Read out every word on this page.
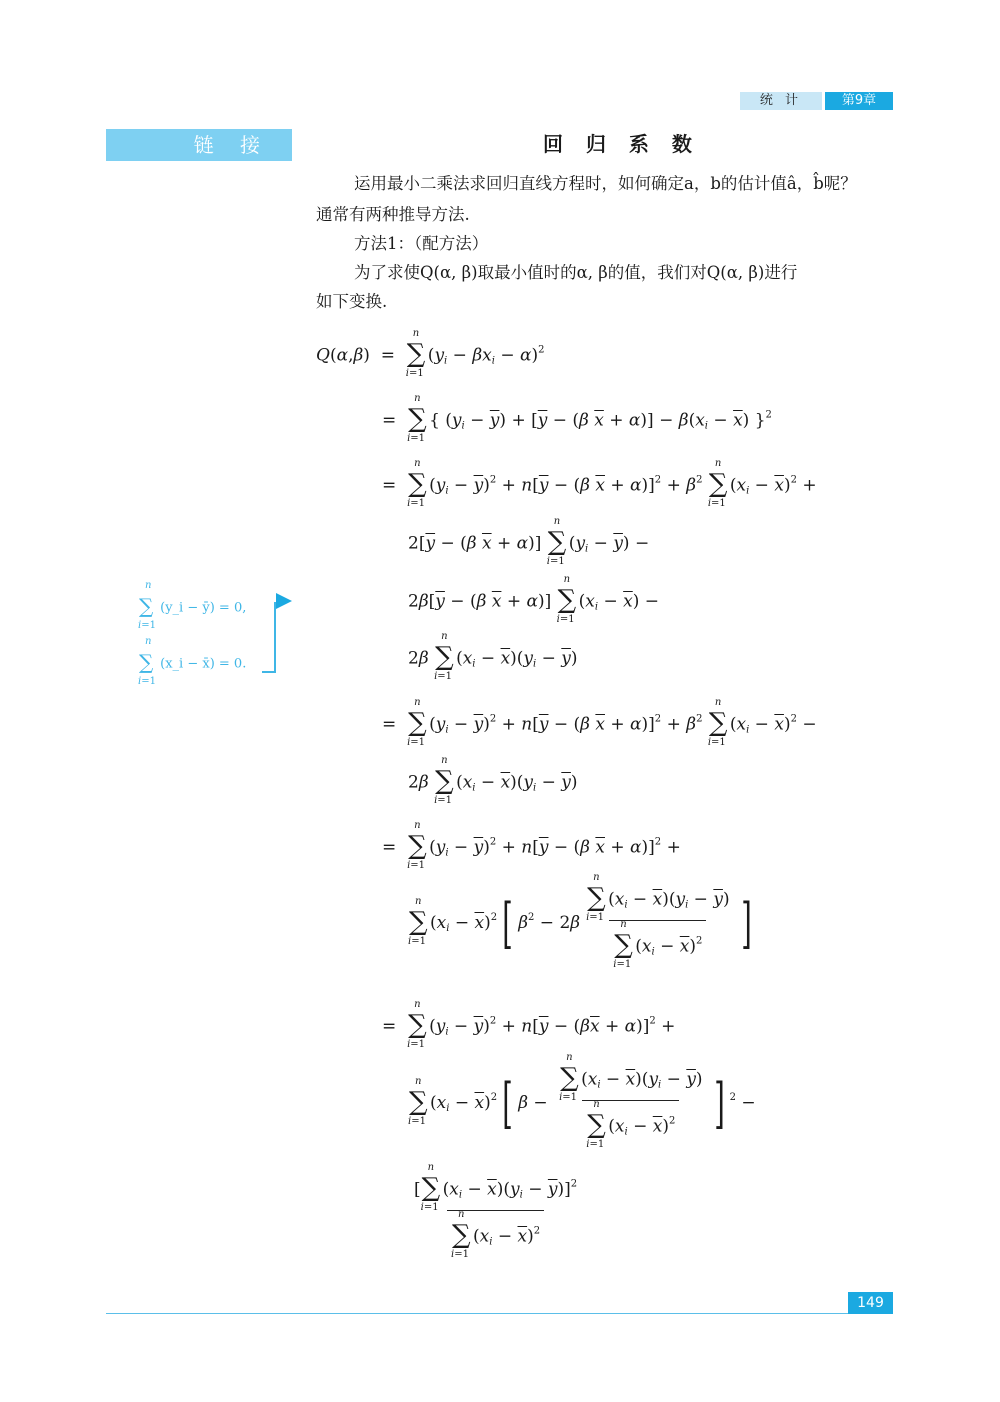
统 计	第9章
链 接	回 归 系 数
运用最小二乘法求回归直线方程时，如何确定a，b的估计值â，b̂呢？
通常有两种推导方法.
方法1：（配方法）
为了求使Q(α, β)取最小值时的α, β的值，我们对Q(α, β)进行
如下变换.
Q(α,β)  =
n
∑
i=1
$(y_i - \beta x_i - \alpha)^2$
=
n
∑
i=1
{ $(y_i - \overline{y}) + [\overline{y} - (\beta$ $\overline{x} + \alpha)] - \beta(x_i - \overline{x})$ }$^2$
=
n
∑
i=1
$(y_i - \overline{y})^2 + n[\overline{y} - (\beta$ $\overline{x} + \alpha)]^2 + \beta^2$
n
∑
i=1
$(x_i - \overline{x})^2$ +
$2[\overline{y} - (\beta$ $\overline{x} + \alpha$)]
n
∑
i=1
$(y_i - \overline{y})$ −
$2\beta[\overline{y} - (\beta$ $\overline{x} + \alpha$)]
n
∑
i=1
$(x_i - \overline{x})$ −
2β
n
∑
i=1
$(x_i - \overline{x})(y_i - \overline{y})$
n
∑
i=1
(y_i − ȳ) = 0,
n
∑
i=1
(x_i − x̄) = 0.
=
n
∑
i=1
$(y_i - \overline{y})^2 + n[\overline{y} - (\beta$ $\overline{x} + \alpha)]^2 + \beta^2$
n
∑
i=1
$(x_i - \overline{x})^2$ −
2β
n
∑
i=1
$(x_i - \overline{x})(y_i - \overline{y})$
=
n
∑
i=1
$(y_i - \overline{y})^2 + n[\overline{y} - (\beta$ $\overline{x} + \alpha)]^2$ +
n
∑
i=1
$(x_i - \overline{x})^2$[ $\beta^2 - 2\beta$ n
∑
i=1
$(x_i - \overline{x})(y_i - \overline{y})$
n
∑
i=1
$(x_i - \overline{x})^2$ ]
=
n
∑
i=1
$(y_i - \overline{y})^2 + n[\overline{y} - (\beta\overline{x} + \alpha)]^2$ +
n
∑
i=1
$(x_i - \overline{x})^2$[ β − n
∑
i=1
$(x_i - \overline{x})(y_i - \overline{y})$
n
∑
i=1
$(x_i - \overline{x})^2$ ] $^2$ −
[
n
∑
i=1
$(x_i - \overline{x})(y_i - \overline{y})]^2$
n
∑
i=1
$(x_i - \overline{x})^2$
149
